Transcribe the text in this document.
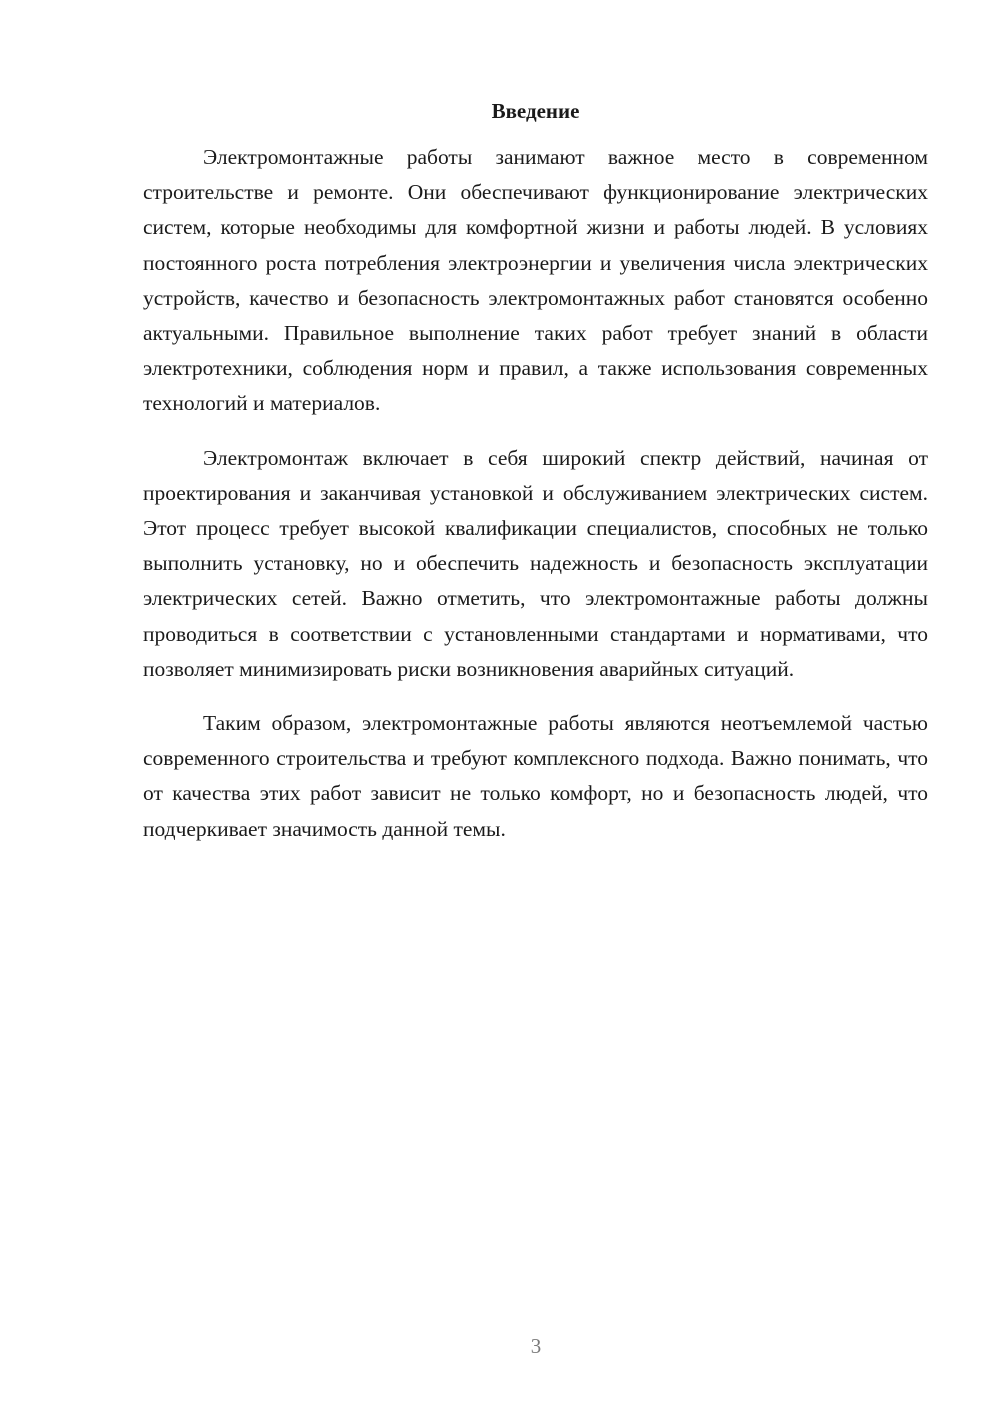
Введение

Электромонтажные работы занимают важное место в современном строительстве и ремонте. Они обеспечивают функционирование электрических систем, которые необходимы для комфортной жизни и работы людей. В условиях постоянного роста потребления электроэнергии и увеличения числа электрических устройств, качество и безопасность электромонтажных работ становятся особенно актуальными. Правильное выполнение таких работ требует знаний в области электротехники, соблюдения норм и правил, а также использования современных технологий и материалов.

Электромонтаж включает в себя широкий спектр действий, начиная от проектирования и заканчивая установкой и обслуживанием электрических систем. Этот процесс требует высокой квалификации специалистов, способных не только выполнить установку, но и обеспечить надежность и безопасность эксплуатации электрических сетей. Важно отметить, что электромонтажные работы должны проводиться в соответствии с установленными стандартами и нормативами, что позволяет минимизировать риски возникновения аварийных ситуаций.

Таким образом, электромонтажные работы являются неотъемлемой частью современного строительства и требуют комплексного подхода. Важно понимать, что от качества этих работ зависит не только комфорт, но и безопасность людей, что подчеркивает значимость данной темы.

3
